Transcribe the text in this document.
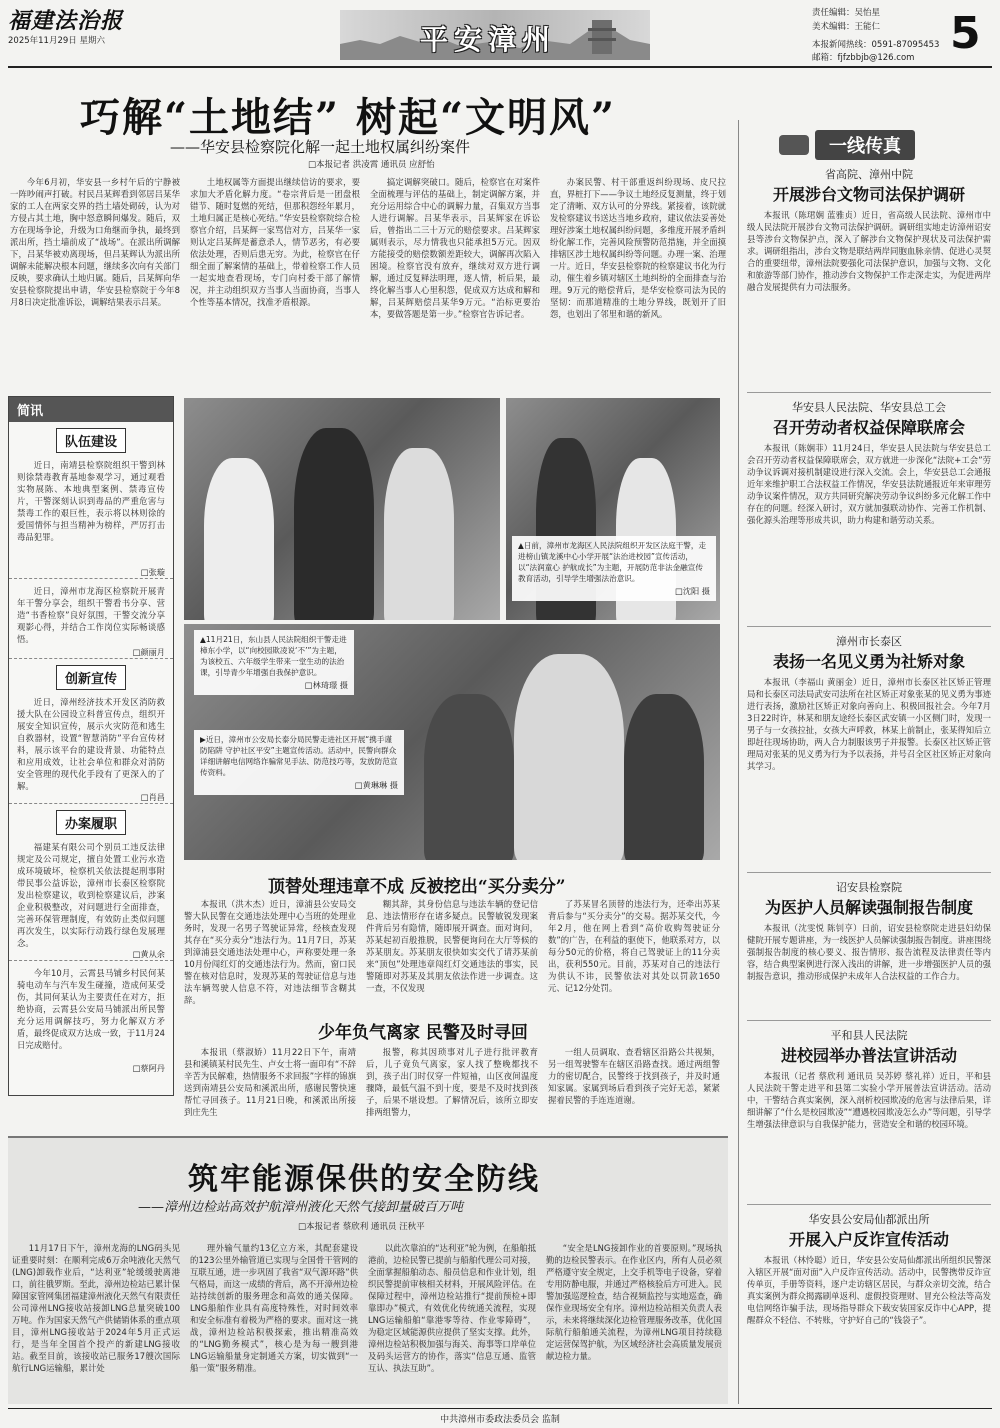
福建法治报
2025年11月29日 星期六	平安漳州
责任编辑：吴怡星
美术编辑：王能仁
本报新闻热线：0591-87095453
邮箱：fjfzbbjb@126.com 5
巧解“土地结” 树起“文明风”
——华安县检察院化解一起土地权属纠纷案件
□本报记者 洪凌霄 通讯员 应舒怡

今年6月初，华安县一乡村午后的宁静被一阵吵闹声打破。村民吕某辉看到邻居吕某华家的工人在两家交界的挡土墙处砌砖，认为对方侵占其土地，胸中怒意瞬间爆发。随后，双方在现场争论，升级为口角继而争执，最终到派出所，挡土墙前成了“战场”。在派出所调解下，吕某华被劝离现场，但吕某辉认为派出所调解未能解决根本问题，继续多次向有关部门反映，要求确认土地归属。随后，吕某辉向华安县检察院提出申请，华安县检察院于今年8月8日决定批准诉讼，调解结果表示吕某。

土地权属等方面提出继续信访的要求，要求加大矛盾化解力度。“卷宗背后是一团盘根错节、随时复燃的死结，但那积怨经年累月，土地归属正是核心死结。”华安县检察院综合检察官介绍，吕某辉一家骂信对方，吕某华一家则认定吕某辉是蓄意杀人，情节恶劣，有必要依法处理，否则后患无穷。为此，检察官在仔细全面了解案情的基础上，带着检察工作人员一起实地查看现场，专门向村委干部了解情况，并主动组织双方当事人当面协商，当事人个性等基本情况，找准矛盾根源。

搞定调解突破口。随后，检察官在对案件全面梳理与评估的基础上，制定调解方案，并充分运用综合中心的调解力量，召集双方当事人进行调解。吕某华表示，吕某辉家在诉讼后，曾指出二三十万元的赔偿要求。吕某辉家属则表示，尽力情我也只能承担5万元。因双方能接受的赔偿数额差距较大，调解再次陷入困境。检察官没有放弃，继续对双方进行调解，通过反复释法明理，逐人情，析后果，最终化解当事人心里积怨，促成双方达成和解和解，吕某辉赔偿吕某华9万元。“治标更要治本，要做答题是第一步。”检察官告诉记者。

办案民警、村干部重返纠纷现场、皮尺拉直，界桩打下——争议土地经反复测量，终于划定了清晰、双方认可的分界线。紧接着，该院就发检察建议书送达当地乡政府，建议依法妥善处理好涉案土地权属纠纷问题，多维度开展矛盾纠纷化解工作，完善风险预警防范措施，并全面摸排辖区涉土地权属纠纷等问题。办理一案、治理一片。近日，华安县检察院的检察建议书化为行动，催生着乡镇对辖区土地纠纷的全面排查与治理。9万元的赔偿背后，是华安检察司法为民的坚韧：而那道精准的土地分界线，既划开了旧怨，也划出了邻里和谐的新风。

简讯
队伍建设

近日，南靖县检察院组织干警到林则徐禁毒教育基地参观学习，通过观看实物展陈、本地典型案例、禁毒宣传片，干警深刻认识到毒品的严重危害与禁毒工作的艰巨性，表示将以林则徐的爱国情怀与担当精神为榜样，严厉打击毒品犯罪。

□张璇

近日，漳州市龙海区检察院开展青年干警分享会，组织干警看书分享、营造“书香检察”良好氛围，干警交流分享观影心得，并结合工作岗位实际畅谈感悟。

□颜丽月
创新宣传

近日，漳州经济技术开发区消防救援大队在公园设立科普宣传点，组织开展安全知识宣传，展示火灾防范和逃生自救器材，设置“智慧消防”平台宣传材料，展示该平台的建设背景、功能特点和应用成效，让社会单位和群众对消防安全管理的现代化手段有了更深入的了解。

□肖昌
办案履职

福建某有限公司个别员工违反法律规定及公司规定，擅自处置工业污水造成环境破坏，检察机关依法提起刑事附带民事公益诉讼，漳州市长泰区检察院发出检察建议，收到检察建议后，涉案企业积极整改，对问题进行全面排查，完善环保管理制度，有效防止类似问题再次发生，以实际行动践行绿色发展理念。

□黄从余

今年10月，云霄县马铺乡村民何某骑电动车与汽车发生碰撞，造成何某受伤，其同何某认为主要责任在对方，拒绝协商，云霄县公安局马铺派出所民警充分运用调解技巧，努力化解双方矛盾，最终促成双方达成一致，于11月24日完成赔付。

□蔡阿丹
▲日前，漳州市龙海区人民法院组织开发区法庭干警，走进榜山镇龙溪中心小学开展“法治进校园”宣传活动，以“法润童心 护航成长”为主题，开展防范非法金融宣传教育活动，引导学生增强法治意识。
□沈阳 摄
▲11月21日，东山县人民法院组织干警走进樟东小学，以“向校园欺凌说‘不’”为主题，为该校五、六年级学生带来一堂生动的法治课，引导青少年增强自我保护意识。
□林琦璟 摄
▶近日，漳州市公安局长泰分局民警走进社区开展“携手谨防陷阱 守护社区平安”主题宣传活动。活动中，民警向群众详细讲解电信网络诈骗常见手法、防范技巧等，发放防范宣传资料。
□黄琳琳 摄
顶替处理违章不成 反被挖出“买分卖分”

本报讯（洪木杰）近日，漳浦县公安局交警大队民警在交通违法处理中心当班的处理业务时，发现一名男子驾驶证异常，经核查发现其存在“买分卖分”违法行为。11月7日，苏某到漳浦县交通违法处理中心，声称要处理一条10月份闯红灯的交通违法行为。然而，窗口民警在核对信息时，发现苏某的驾驶证信息与违法车辆驾驶人信息不符，对违法细节含糊其辞。

糊其辞，其身份信息与违法车辆的登记信息、违法情形存在诸多疑点。民警敏锐发现案件背后另有隐情，随即展开调查。面对询问，苏某起初百般推脱，民警便询问在大厅等候的苏某朋友。苏某朋友很快如实交代了请苏某前来“顶包”处理违章闯红灯交通违法的事实，民警随即对苏某及其朋友依法作进一步调查。这一查，不仅发现

了苏某冒名顶替的违法行为，还牵出苏某背后参与“买分卖分”的交易。据苏某交代，今年2月，他在网上看到“高价收购驾驶证分数”的广告，在利益的驱使下，他联系对方，以每分50元的价格，将自己驾驶证上的11分卖出，获利550元。目前，苏某对自己的违法行为供认不讳，民警依法对其处以罚款1650元、记12分处罚。

少年负气离家 民警及时寻回

本报讯（蔡淑娇）11月22日下午，南靖县和溪镇某村民先生、卢女士将一面印有“不辞辛苦为民解难，热情服务不求回报”字样的锦旗送到南靖县公安局和溪派出所，感谢民警快速帮忙寻回孩子。11月21日晚，和溪派出所接到庄先生

报警，称其因琐事对儿子进行批评教育后，儿子竟负气离家，家人找了整晚都找不到，孩子出门时仅穿一件短袖，山区夜间温度骤降，最低气温不到十度，要是不及时找到孩子，后果不堪设想。了解情况后，该所立即安排两组警力，

一组人员调取、查看辖区沿路公共视频，另一组驾驶警车在辖区沿路查找。通过两组警力的密切配合，民警终于找到孩子，并及时通知家属。家属到场后看到孩子完好无恙，紧紧握着民警的手连连道谢。

筑牢能源保供的安全防线
——漳州边检站高效护航漳州液化天然气接卸量破百万吨
□本报记者 蔡欣利 通讯员 汪秋平

11月17日下午，漳州龙海的LNG码头见证重要时刻：在顺利完成6万余吨液化天然气(LNG)卸载作业后，“达利亚”轮缓缓驶离港口，前往俄罗斯。至此，漳州边检站已累计保障国家管网集团福建漳州液化天然气有限责任公司漳州LNG接收站接卸LNG总量突破100万吨。作为国家天然气产供储销体系的重点项目，漳州LNG接收站于2024年5月正式运行，是当年全国首个投产的新建LNG接收站。截至目前，该接收站已服务17艘次国际航行LNG运输船，累计处

理外输气量约13亿立方米，其配套建设的123公里外输管道已实现与全国骨干管网的互联互通，进一步巩固了我省“双气源环路”供气格局，而这一成绩的背后，离不开漳州边检站持续创新的服务理念和高效的通关保障。LNG船舶作业具有高度特殊性，对时间效率和安全标准有着极为严格的要求。面对这一挑战，漳州边检站积极探索，推出精准高效的“LNG勤务模式”，核心是为每一艘到港LNG运输船量身定制通关方案，切实做到“一船一策”服务精准。

以此次靠泊的“达利亚”轮为例，在船舶抵港前，边检民警已提前与船舶代理公司对接，全面掌握船舶动态、船员信息和作业计划，组织民警提前审核相关材料，开展风险评估。在保障过程中，漳州边检站推行“提前预检+即靠即办”模式，有效优化传统通关流程，实现LNG运输船舶“靠港零等待、作业零障碍”，为稳定区域能源供应提供了坚实支撑。此外，漳州边检站积极加强与海关、海事等口岸单位及码头运营方的协作，落实“信息互通、监管互认、执法互助”。

“安全是LNG接卸作业的首要原则。”现场执勤的边检民警表示。在作业区内，所有人员必须严格遵守安全规定，上交手机等电子设备，穿着专用防静电服，并通过严格核验后方可进入。民警加强巡逻检查，结合视频监控与实地巡查，确保作业现场安全有序。漳州边检站相关负责人表示，未来将继续深化边检管理服务改革，优化国际航行船舶通关流程，为漳州LNG项目持续稳定运营保驾护航，为区域经济社会高质量发展贡献边检力量。

一线传真
省高院、漳州中院
开展涉台文物司法保护调研

本报讯（陈珺娴 蓝雅贞）近日，省高级人民法院、漳州市中级人民法院开展涉台文物司法保护调研。调研组实地走访漳州诏安县等涉台文物保护点，深入了解涉台文物保护现状及司法保护需求。调研组指出，涉台文物是联结两岸同胞血脉亲情、促进心灵契合的重要纽带，漳州法院要强化司法保护意识，加强与文物、文化和旅游等部门协作，推动涉台文物保护工作走深走实，为促进两岸融合发展提供有力司法服务。

华安县人民法院、华安县总工会
召开劳动者权益保障联席会

本报讯（陈娴菲）11月24日，华安县人民法院与华安县总工会召开劳动者权益保障联席会，双方就进一步深化“法院+工会”劳动争议诉调对接机制建设进行深入交流。会上，华安县总工会通报近年来维护职工合法权益工作情况，华安县法院通报近年来审理劳动争议案件情况，双方共同研究解决劳动争议纠纷多元化解工作中存在的问题。经深入研讨，双方就加强联动协作、完善工作机制、强化源头治理等形成共识，助力构建和谐劳动关系。

漳州市长泰区
表扬一名见义勇为社矫对象

本报讯（李福山 黄丽金）近日，漳州市长泰区社区矫正管理局和长泰区司法局武安司法所在社区矫正对象张某的见义勇为事迹进行表扬，激励社区矫正对象向善向上、积极回报社会。今年7月3日22时许，林某和朋友途经长泰区武安镇一小区侧门时，发现一男子与一女孩拉扯，女孩大声呼救，林某上前制止，张某得知后立即赶往现场协助，两人合力制服该男子并报警。长泰区社区矫正管理局对张某的见义勇为行为予以表扬，并号召全区社区矫正对象向其学习。

诏安县检察院
为医护人员解读强制报告制度

本报讯（沈雯悦 陈钊亨）日前，诏安县检察院走进县妇幼保健院开展专题讲座，为一线医护人员解读强制报告制度。讲座围绕强制报告制度的核心要义、报告情形、报告流程及法律责任等内容，结合典型案例进行深入浅出的讲解，进一步增强医护人员的强制报告意识，推动形成保护未成年人合法权益的工作合力。

平和县人民法院
进校园举办普法宣讲活动

本报讯（记者 蔡欣利 通讯员 吴苏婷 蔡礼祥）近日，平和县人民法院干警走进平和县第二实验小学开展普法宣讲活动。活动中，干警结合真实案例，深入剖析校园欺凌的危害与法律后果，详细讲解了“什么是校园欺凌”“遭遇校园欺凌怎么办”等问题，引导学生增强法律意识与自我保护能力，营造安全和谐的校园环境。

华安县公安局仙都派出所
开展入户反诈宣传活动

本报讯（林怜聪）近日，华安县公安局仙都派出所组织民警深入辖区开展“面对面”入户反诈宣传活动。活动中，民警携带反诈宣传单页，手册等资料，逐户走访辖区居民，与群众亲切交流，结合真实案例为群众揭露刷单返利、虚假投资理财、冒充公检法等高发电信网络诈骗手法，现场指导群众下载安装国家反诈中心APP，提醒群众不轻信、不转账，守护好自己的“钱袋子”。

中共漳州市委政法委员会 监制
